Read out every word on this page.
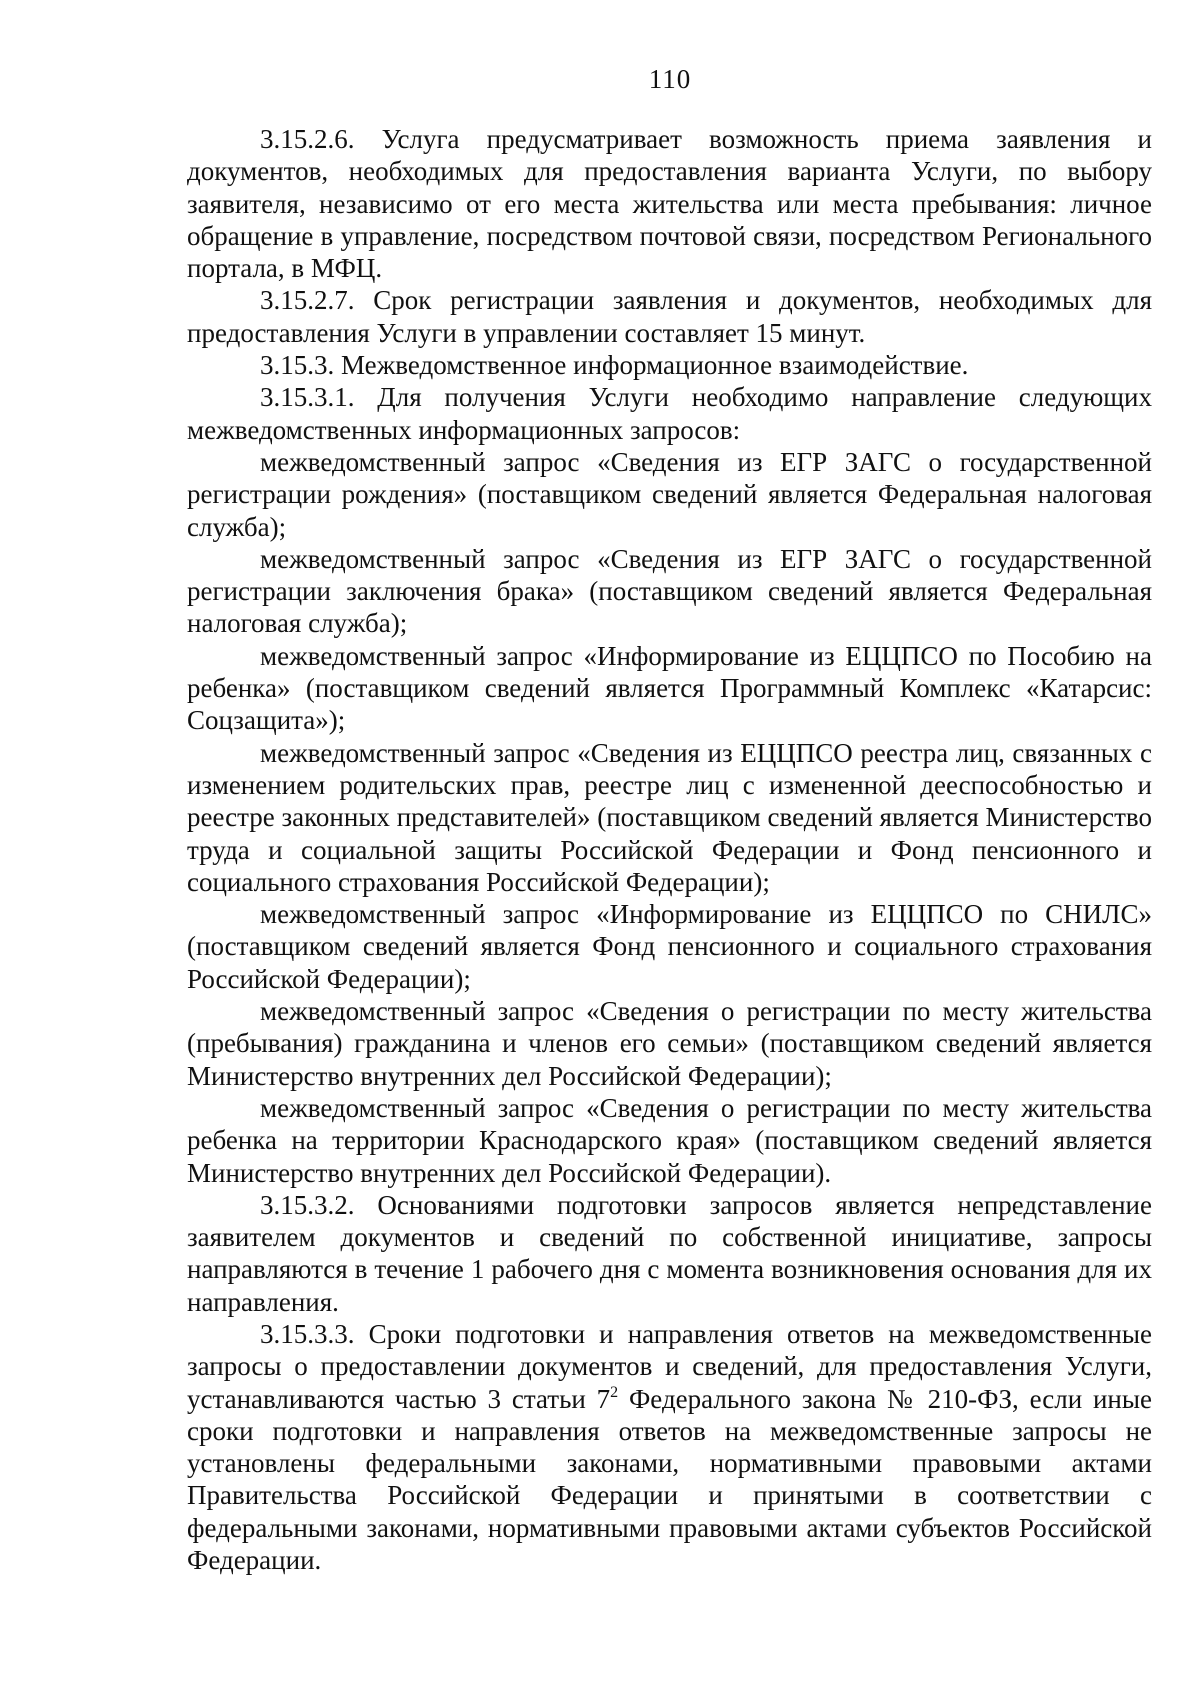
110

3.15.2.6. Услуга предусматривает возможность приема заявления и документов, необходимых для предоставления варианта Услуги, по выбору заявителя, независимо от его места жительства или места пребывания: личное обращение в управление, посредством почтовой связи, посредством Регионального портала, в МФЦ.

3.15.2.7. Срок регистрации заявления и документов, необходимых для предоставления Услуги в управлении составляет 15 минут.

3.15.3. Межведомственное информационное взаимодействие.

3.15.3.1. Для получения Услуги необходимо направление следующих межведомственных информационных запросов:

межведомственный запрос «Сведения из ЕГР ЗАГС о государственной регистрации рождения» (поставщиком сведений является Федеральная налоговая служба);

межведомственный запрос «Сведения из ЕГР ЗАГС о государственной регистрации заключения брака» (поставщиком сведений является Федеральная налоговая служба);

межведомственный запрос «Информирование из ЕЦЦПСО по Пособию на ребенка» (поставщиком сведений является Программный Комплекс «Катарсис: Соцзащита»);

межведомственный запрос «Сведения из ЕЦЦПСО реестра лиц, связанных с изменением родительских прав, реестре лиц с измененной дееспособностью и реестре законных представителей» (поставщиком сведений является Министерство труда и социальной защиты Российской Федерации и Фонд пенсионного и социального страхования Российской Федерации);

межведомственный запрос «Информирование из ЕЦЦПСО по СНИЛС» (поставщиком сведений является Фонд пенсионного и социального страхования Российской Федерации);

межведомственный запрос «Сведения о регистрации по месту жительства (пребывания) гражданина и членов его семьи» (поставщиком сведений является Министерство внутренних дел Российской Федерации);

межведомственный запрос «Сведения о регистрации по месту жительства ребенка на территории Краснодарского края» (поставщиком сведений является Министерство внутренних дел Российской Федерации).

3.15.3.2. Основаниями подготовки запросов является непредставление заявителем документов и сведений по собственной инициативе, запросы направляются в течение 1 рабочего дня с момента возникновения основания для их направления.

3.15.3.3. Сроки подготовки и направления ответов на межведомственные запросы о предоставлении документов и сведений, для предоставления Услуги, устанавливаются частью 3 статьи $7^2$ Федерального закона № 210-ФЗ, если иные сроки подготовки и направления ответов на межведомственные запросы не установлены федеральными законами, нормативными правовыми актами Правительства Российской Федерации и принятыми в соответствии с федеральными законами, нормативными правовыми актами субъектов Российской Федерации.
